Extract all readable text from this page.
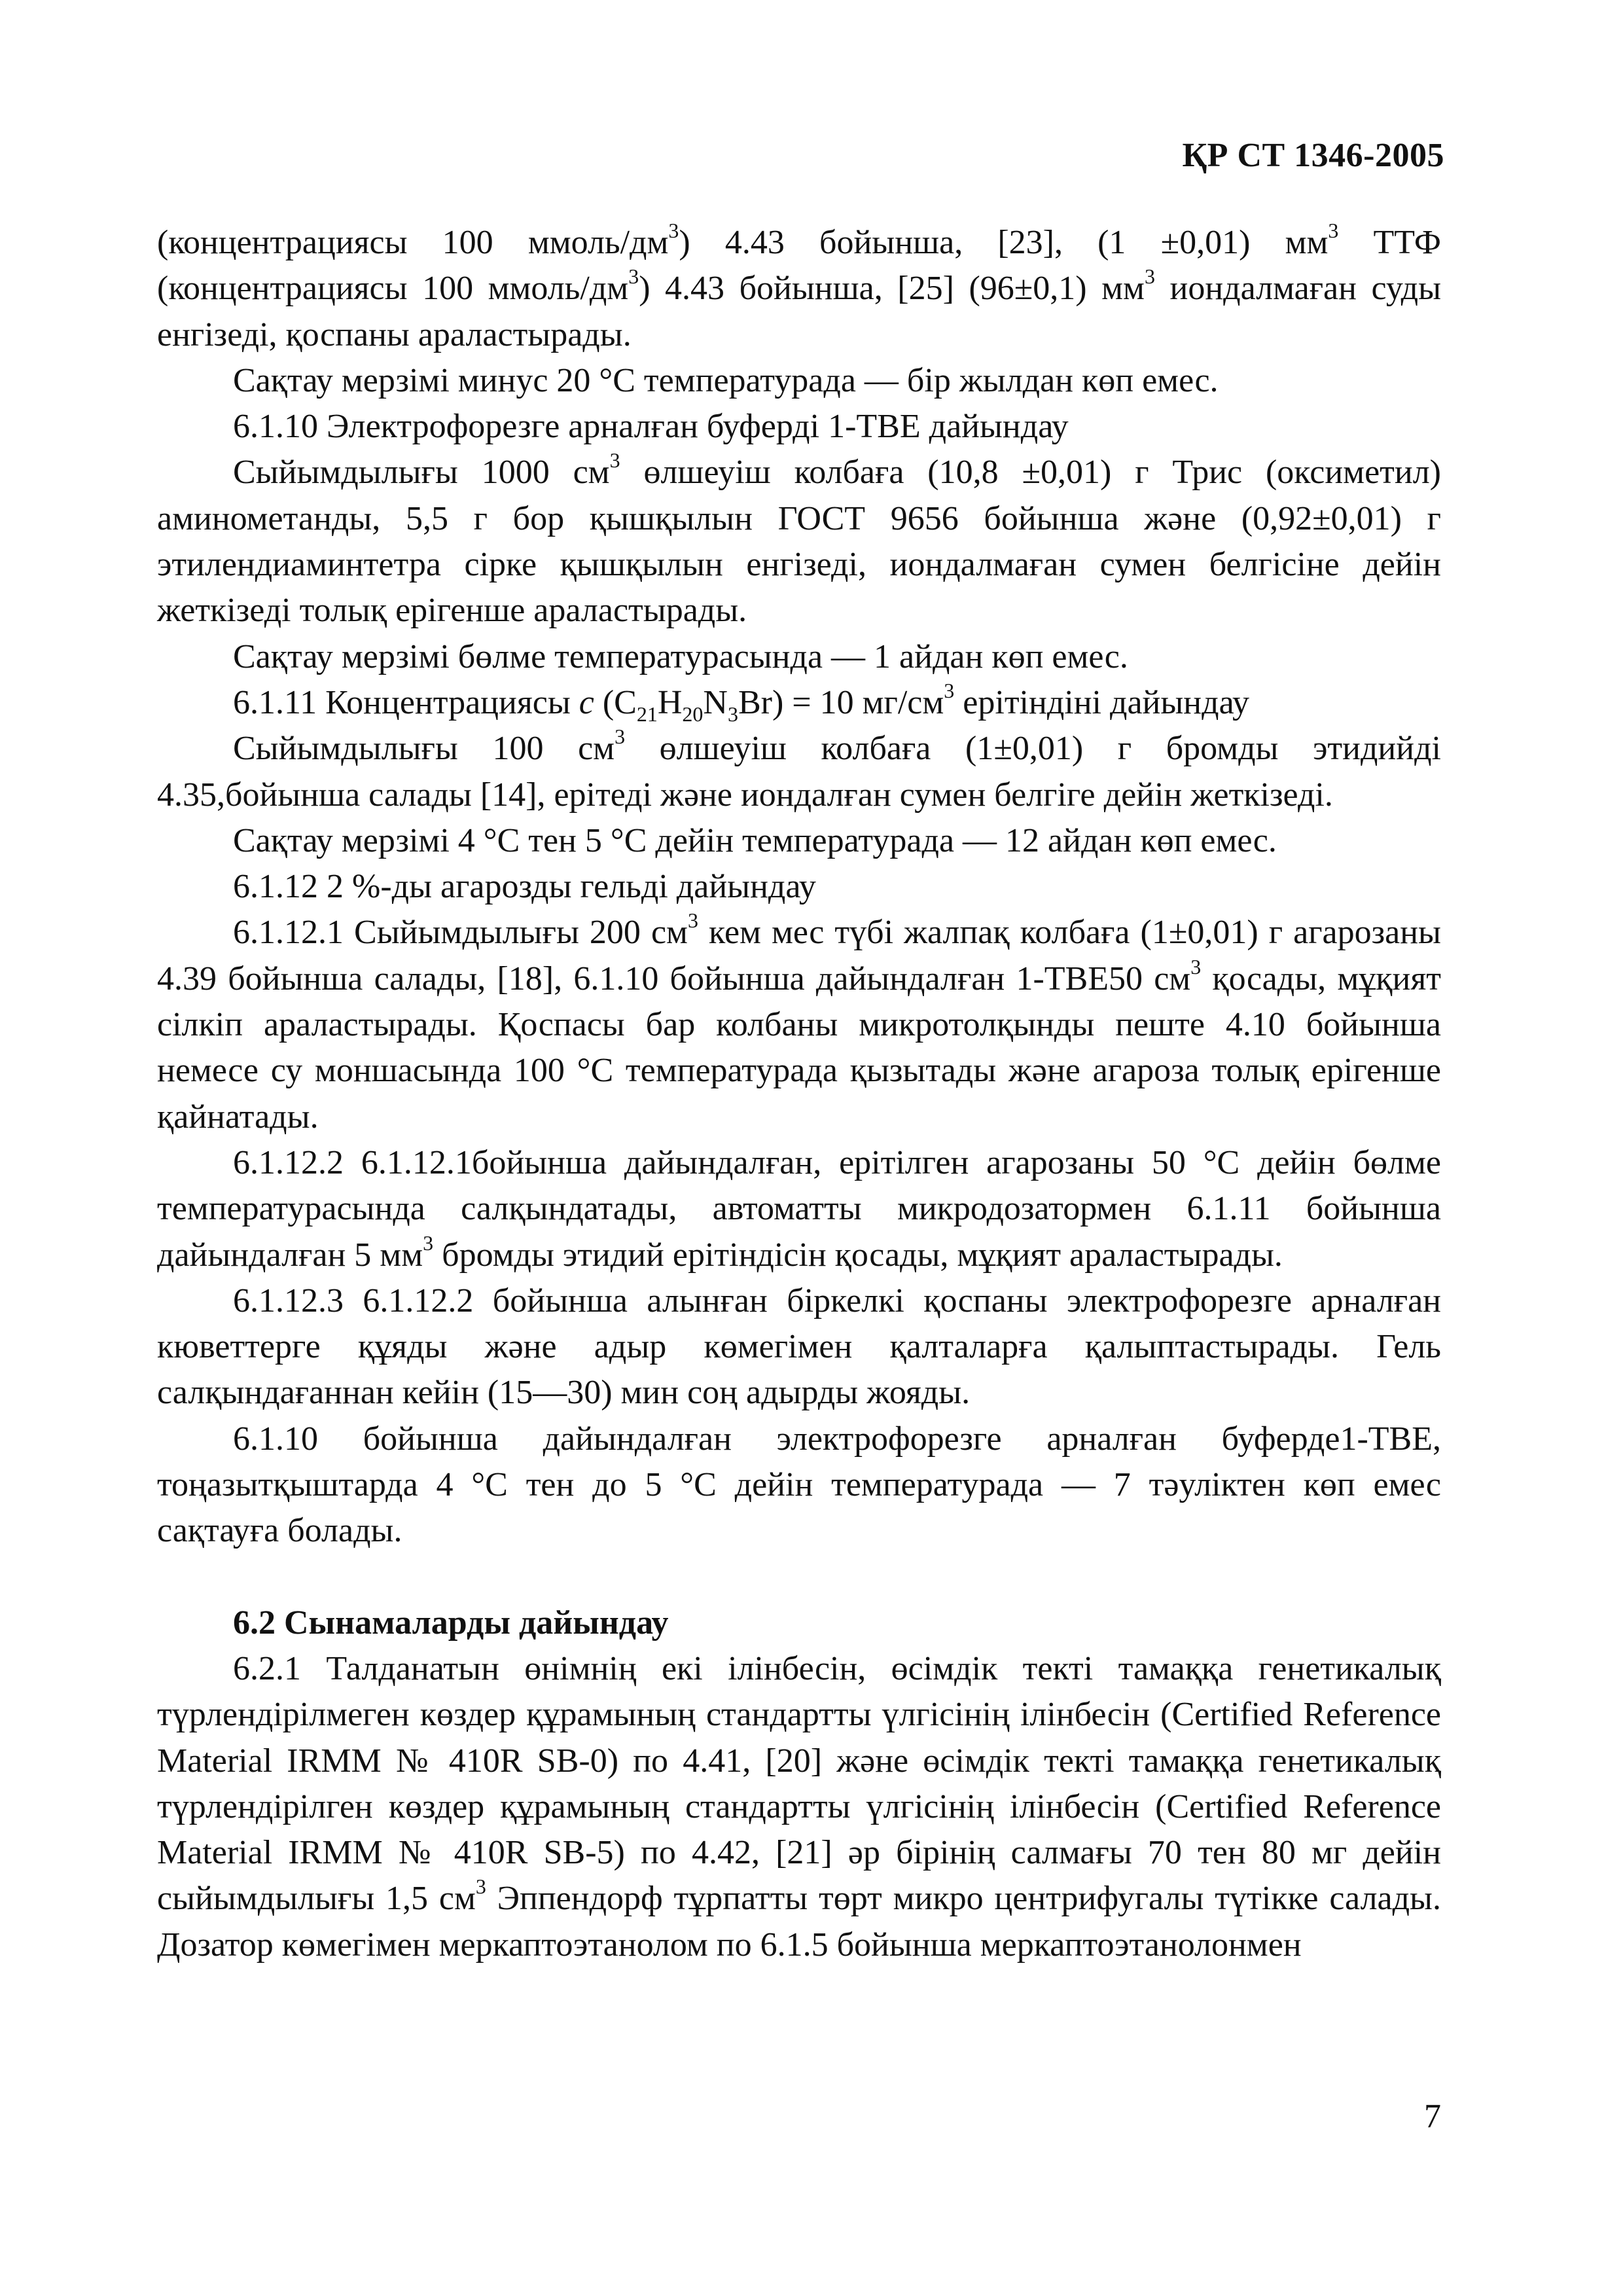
ҚР СТ 1346-2005

(концентрациясы 100 ммоль/$дм^3$) 4.43 бойынша, [23], (1 ±0,01) $мм^3$ ТТФ (концентрациясы 100 ммоль/$дм^3$) 4.43 бойынша, [25] (96±0,1) $мм^3$ иондалмаған суды енгізеді, қоспаны араластырады.

Сақтау мерзімі минус 20 °С температурада — бір жылдан көп емес.

6.1.10 Электрофорезге арналған буферді 1-TBE дайындау

Сыйымдылығы 1000 $см^3$ өлшеуіш колбаға (10,8 ±0,01) г Трис (оксиметил) аминометанды, 5,5 г бор қышқылын ГОСТ 9656 бойынша және (0,92±0,01) г этилендиаминтетра сірке қышқылын енгізеді, иондалмаған сумен белгісіне дейін жеткізеді толық ерігенше араластырады.

Сақтау мерзімі бөлме температурасында — 1 айдан көп емес.

6.1.11 Концентрациясы c $(C_{21}H_{20}N_3Br) = 10$ $мг/см^3$ ерітіндіні дайындау

Сыйымдылығы 100 $см^3$ өлшеуіш колбаға (1±0,01) г бромды этидийді 4.35,бойынша салады [14], ерітеді және иондалған сумен белгіге дейін жеткізеді.

Сақтау мерзімі 4 °С тен 5 °С дейін температурада — 12 айдан көп емес.

6.1.12 2 %-ды агарозды гельді дайындау

6.1.12.1 Сыйымдылығы 200 $см^3$ кем мес түбі жалпақ колбаға (1±0,01) г агарозаны 4.39 бойынша салады, [18], 6.1.10 бойынша дайындалған 1-TBE50 $см^3$ қосады, мұқият сілкіп араластырады. Қоспасы бар колбаны микротолқынды пеште 4.10 бойынша немесе су моншасында 100 °С температурада қызытады және агароза толық ерігенше қайнатады.

6.1.12.2 6.1.12.1бойынша дайындалған, ерітілген агарозаны 50 °С дейін бөлме температурасында салқындатады, автоматты микродозатормен 6.1.11 бойынша дайындалған 5 $мм^3$ бромды этидий ерітіндісін қосады, мұқият араластырады.

6.1.12.3 6.1.12.2 бойынша алынған біркелкі қоспаны электрофорезге арналған кюветтерге құяды және адыр көмегімен қалталарға қалыптастырады. Гель салқындағаннан кейін (15—30) мин соң адырды жояды.

6.1.10 бойынша дайындалған электрофорезге арналған буферде1-TBE, тоңазытқыштарда 4 °С тен до 5 °С дейін температурада — 7 тәуліктен көп емес сақтауға болады.

6.2 Сынамаларды дайындау

6.2.1 Талданатын өнімнің екі ілінбесін, өсімдік текті тамаққа генетикалық түрлендірілмеген көздер құрамының стандартты үлгісінің ілінбесін (Certified Reference Material IRMM № 410R SB-0) по 4.41, [20] және өсімдік текті тамаққа генетикалық түрлендірілген көздер құрамының стандартты үлгісінің ілінбесін (Certified Reference Material IRMM № 410R SB-5) по 4.42, [21] әр бірінің салмағы 70 тен 80 мг дейін сыйымдылығы 1,5 $см^3$ Эппендорф тұрпатты төрт микро центрифугалы түтікке салады. Дозатор көмегімен меркаптоэтанолом по 6.1.5 бойынша меркаптоэтанолонмен

7
